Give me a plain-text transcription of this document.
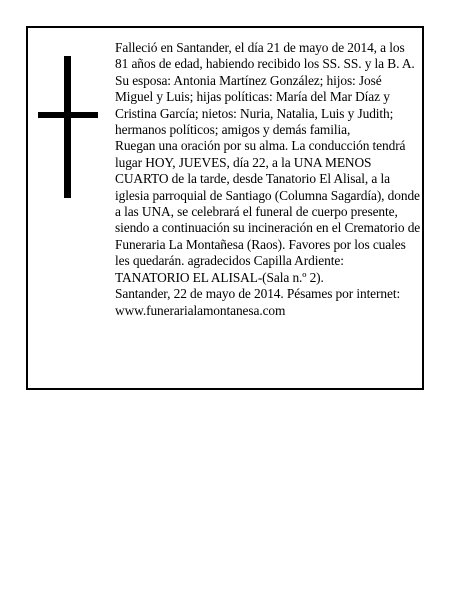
Falleció en Santander, el día 21 de mayo de 2014, a los 81 años de edad, habiendo recibido los SS. SS. y la B. A.

Su esposa: Antonia Martínez González; hijos: José Miguel y Luis; hijas políticas: María del Mar Díaz y Cristina García; nietos: Nuria, Natalia, Luis y Judith; hermanos políticos; amigos y demás familia,

Ruegan una oración por su alma. La conducción tendrá lugar HOY, JUEVES, día 22, a la UNA MENOS CUARTO de la tarde, desde Tanatorio El Alisal, a la iglesia parroquial de Santiago (Columna Sagardía), donde a las UNA, se celebrará el funeral de cuerpo presente, siendo a continuación su incineración en el Crematorio de Funeraria La Montañesa (Raos). Favores por los cuales les quedarán. agradecidos Capilla Ardiente: TANATORIO EL ALISAL-(Sala n.º 2).

Santander, 22 de mayo de 2014. Pésames por internet:

www.funerarialamontanesa.com
